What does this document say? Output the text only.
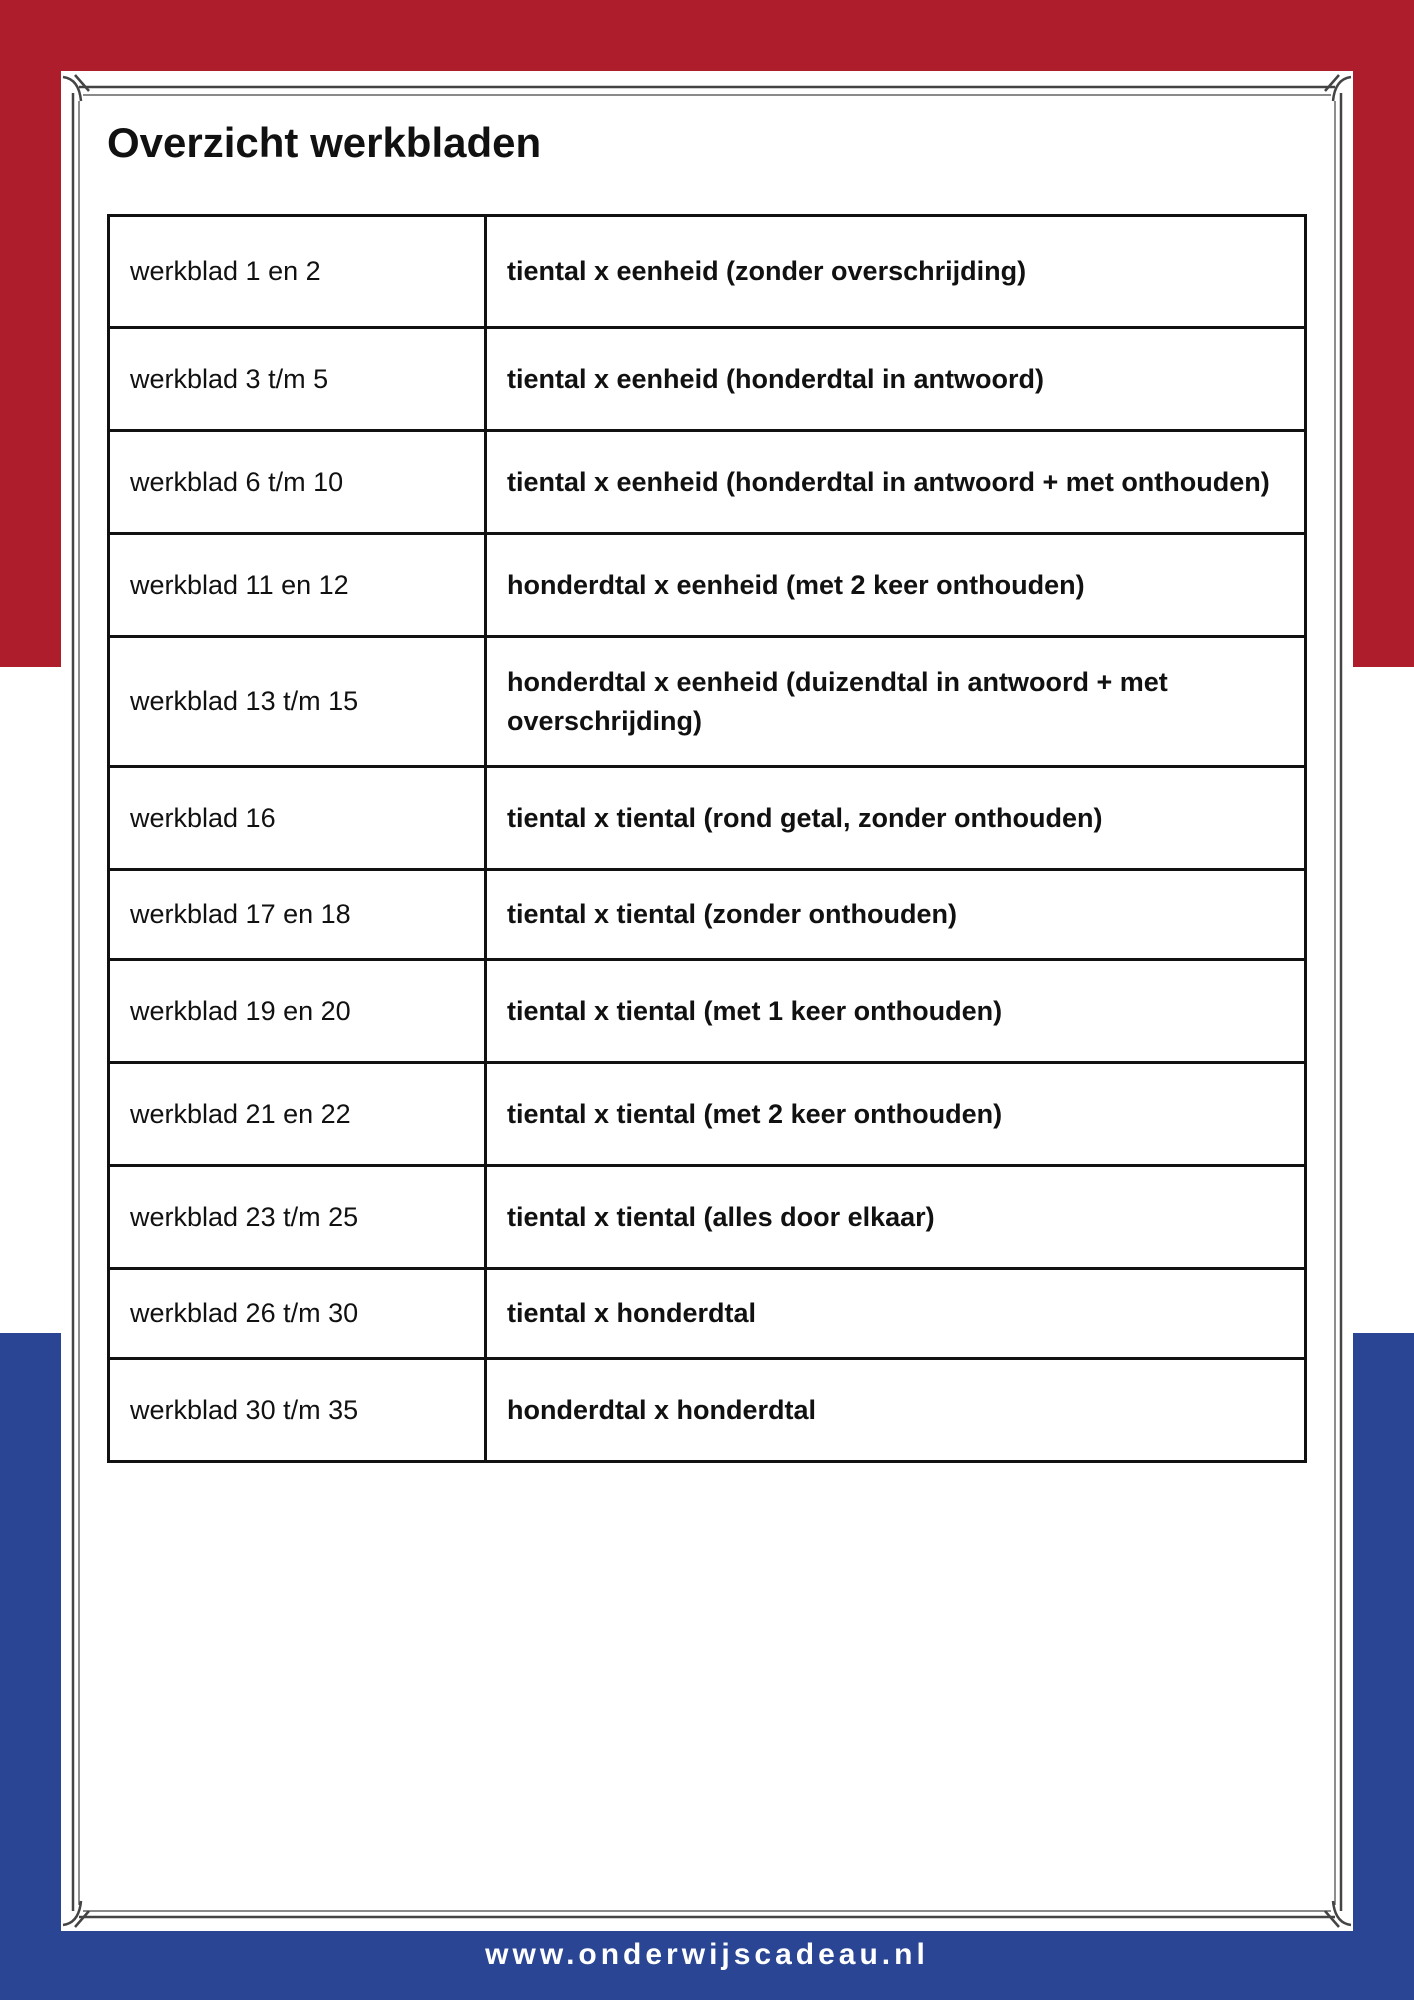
Overzicht werkbladen
werkblad 1 en 2	tiental x eenheid (zonder overschrijding)
werkblad 3 t/m 5	tiental x eenheid (honderdtal in antwoord)
werkblad 6 t/m 10	tiental x eenheid (honderdtal in antwoord + met onthouden)
werkblad 11 en 12	honderdtal x eenheid (met 2 keer onthouden)
werkblad 13 t/m 15	honderdtal x eenheid (duizendtal in antwoord + met overschrijding)
werkblad 16	tiental x tiental (rond getal, zonder onthouden)
werkblad 17 en 18	tiental x tiental (zonder onthouden)
werkblad 19 en 20	tiental x tiental (met 1 keer onthouden)
werkblad 21 en 22	tiental x tiental (met 2 keer onthouden)
werkblad 23 t/m 25	tiental x tiental (alles door elkaar)
werkblad 26 t/m 30	tiental x honderdtal
werkblad 30 t/m 35	honderdtal x honderdtal
www.onderwijscadeau.nl
